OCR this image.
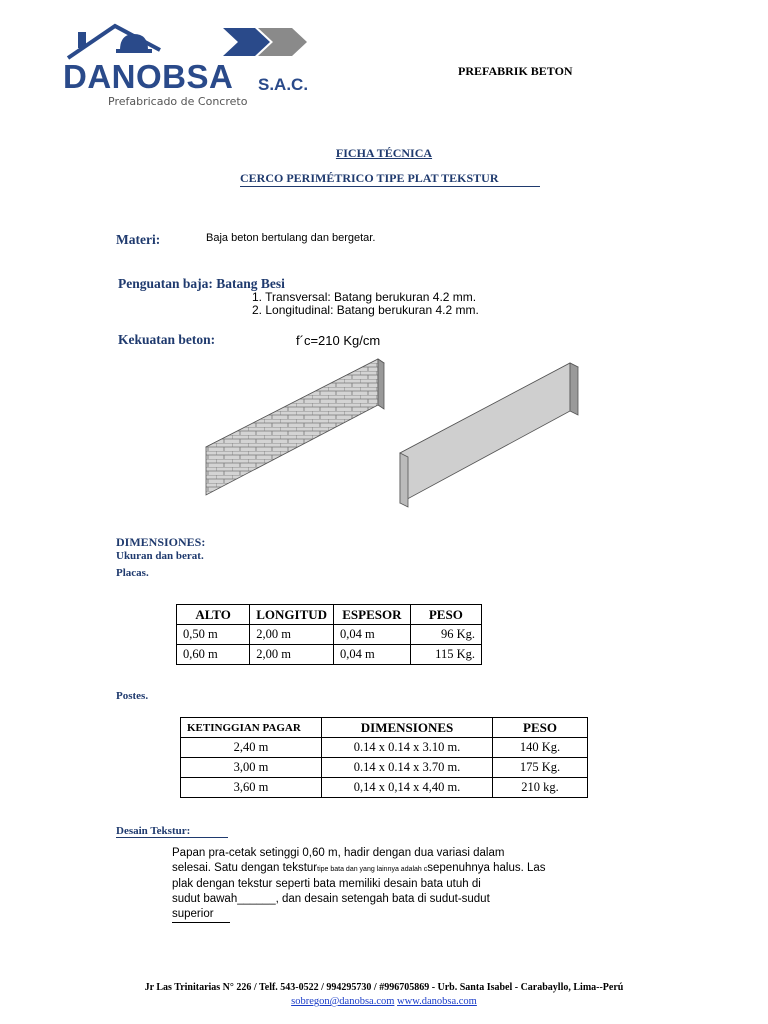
DANOBSA S.A.C.
Prefabricado de Concreto
PREFABRIK BETON
FICHA TÉCNICA
CERCO PERIMÉTRICO TIPE PLAT TEKSTUR
Materi:	Baja beton bertulang dan bergetar.
Penguatan baja: Batang Besi
1. Transversal: Batang berukuran 4.2 mm.
2. Longitudinal: Batang berukuran 4.2 mm.
Kekuatan beton:	f´c=210 Kg/cm
DIMENSIONES:
Ukuran dan berat.
Placas.
ALTO	LONGITUD	ESPESOR	PESO
0,50 m	2,00 m	0,04 m	96 Kg.
0,60 m	2,00 m	0,04 m	115 Kg.
Postes.
KETINGGIAN PAGAR	DIMENSIONES	PESO
2,40 m	0.14 x 0.14 x 3.10 m.	140 Kg.
3,00 m	0.14 x 0.14 x 3.70 m.	175 Kg.
3,60 m	0,14 x 0,14 x 4,40 m.	210 kg.
Desain Tekstur:
Papan pra-cetak setinggi 0,60 m, hadir dengan dua variasi dalam
selesai. Satu dengan teksturtipe bata dan yang lainnya adalah csepenuhnya halus. Las
plak dengan tekstur seperti bata memiliki desain bata utuh di
sudut bawah______, dan desain setengah bata di sudut-sudut
superior
Jr Las Trinitarias N° 226 / Telf. 543-0522 / 994295730 / #996705869 - Urb. Santa Isabel - Carabayllo, Lima--Perú
sobregon@danobsa.com www.danobsa.com
